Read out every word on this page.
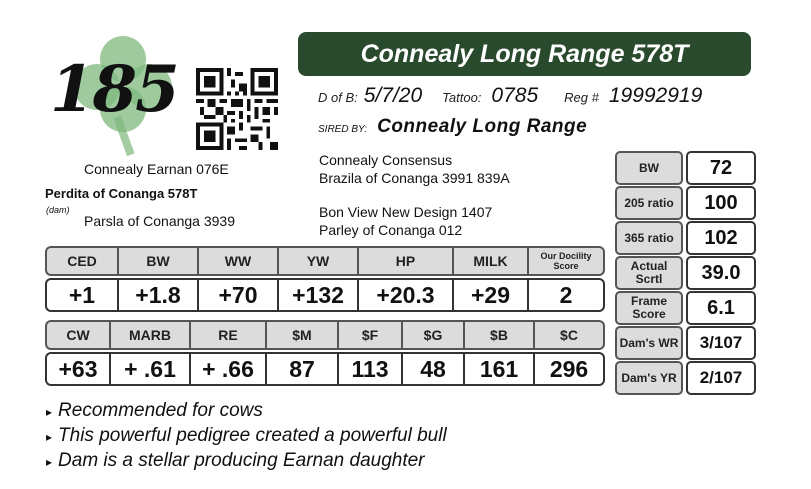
185	Connealy Long Range 578T
D of B: 5/7/20 Tattoo: 0785 Reg # 19992919
SIRED BY: Connealy Long Range
Connealy Earnan 076E
Perdita of Conanga 578T
(dam)
Parsla of Conanga 3939
Connealy Consensus
Brazila of Conanga 3991 839A
Bon View New Design 1407
Parley of Conanga 012
CED	BW	WW	YW	HP	MILK	Our Docility Score
+1	+1.8	+70	+132	+20.3	+29	2
CW	MARB	RE	$M	$F	$G	$B	$C
+63	+ .61	+ .66	87	113	48	161	296
BW	72
205 ratio	100
365 ratio	102
Actual Scrtl	39.0
Frame Score	6.1
Dam's WR	3/107
Dam's YR	2/107
▸ Recommended for cows
▸ This powerful pedigree created a powerful bull
▸ Dam is a stellar producing Earnan daughter
